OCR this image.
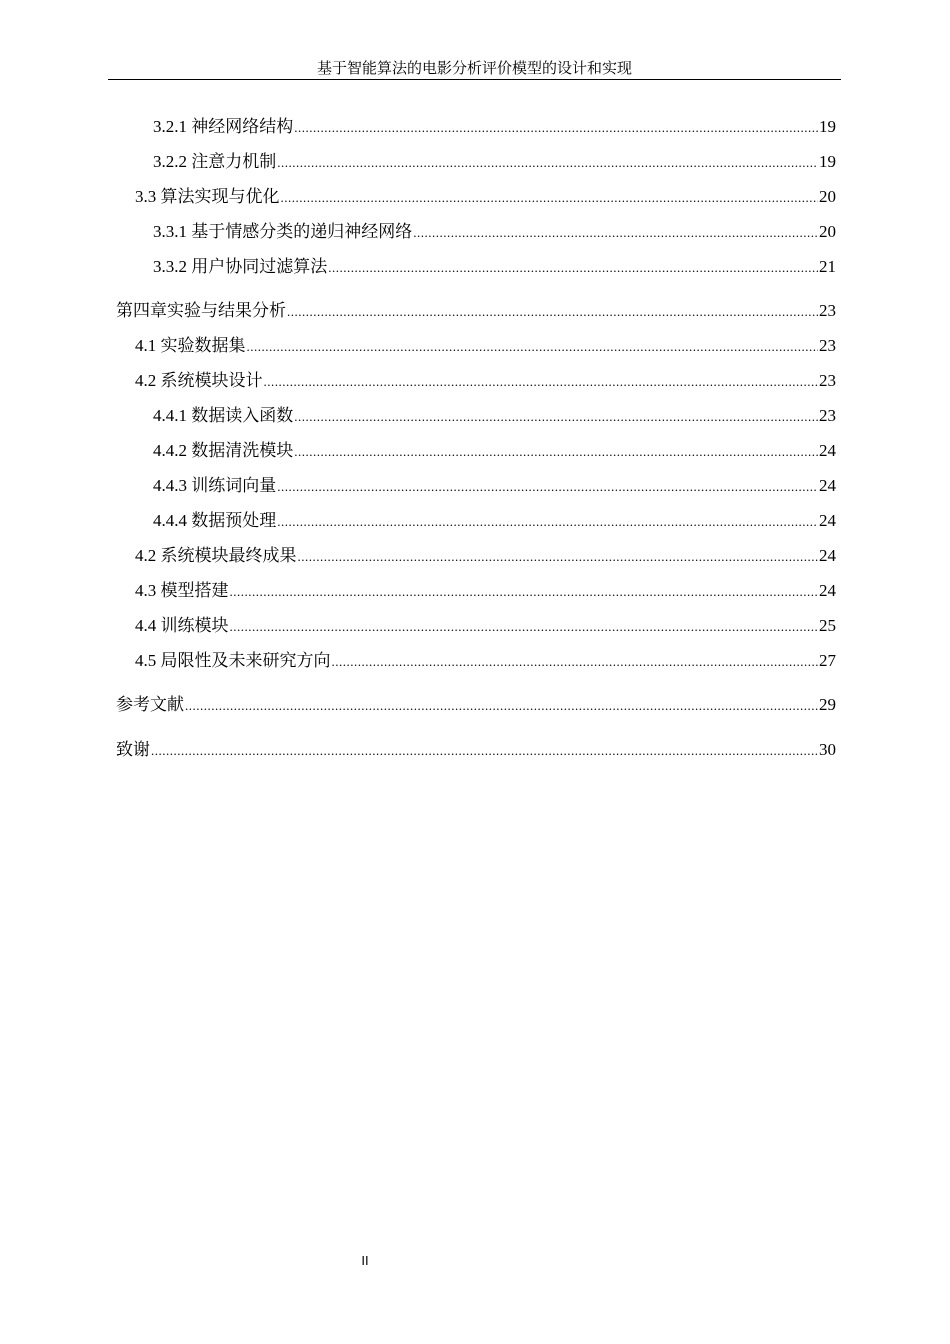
基于智能算法的电影分析评价模型的设计和实现
3.2.1 神经网络结构 .....	19
3.2.2 注意力机制 .....	19
3.3 算法实现与优化 .....	20
3.3.1 基于情感分类的递归神经网络 .....	20
3.3.2 用户协同过滤算法 .....	21
第四章实验与结果分析 .....	23
4.1 实验数据集 .....	23
4.2 系统模块设计 .....	23
4.4.1 数据读入函数 .....	23
4.4.2 数据清洗模块 .....	24
4.4.3 训练词向量 .....	24
4.4.4 数据预处理 .....	24
4.2 系统模块最终成果 .....	24
4.3 模型搭建 .....	24
4.4 训练模块 .....	25
4.5 局限性及未来研究方向 .....	27
参考文献 .....	29
致谢 .....	30
II
